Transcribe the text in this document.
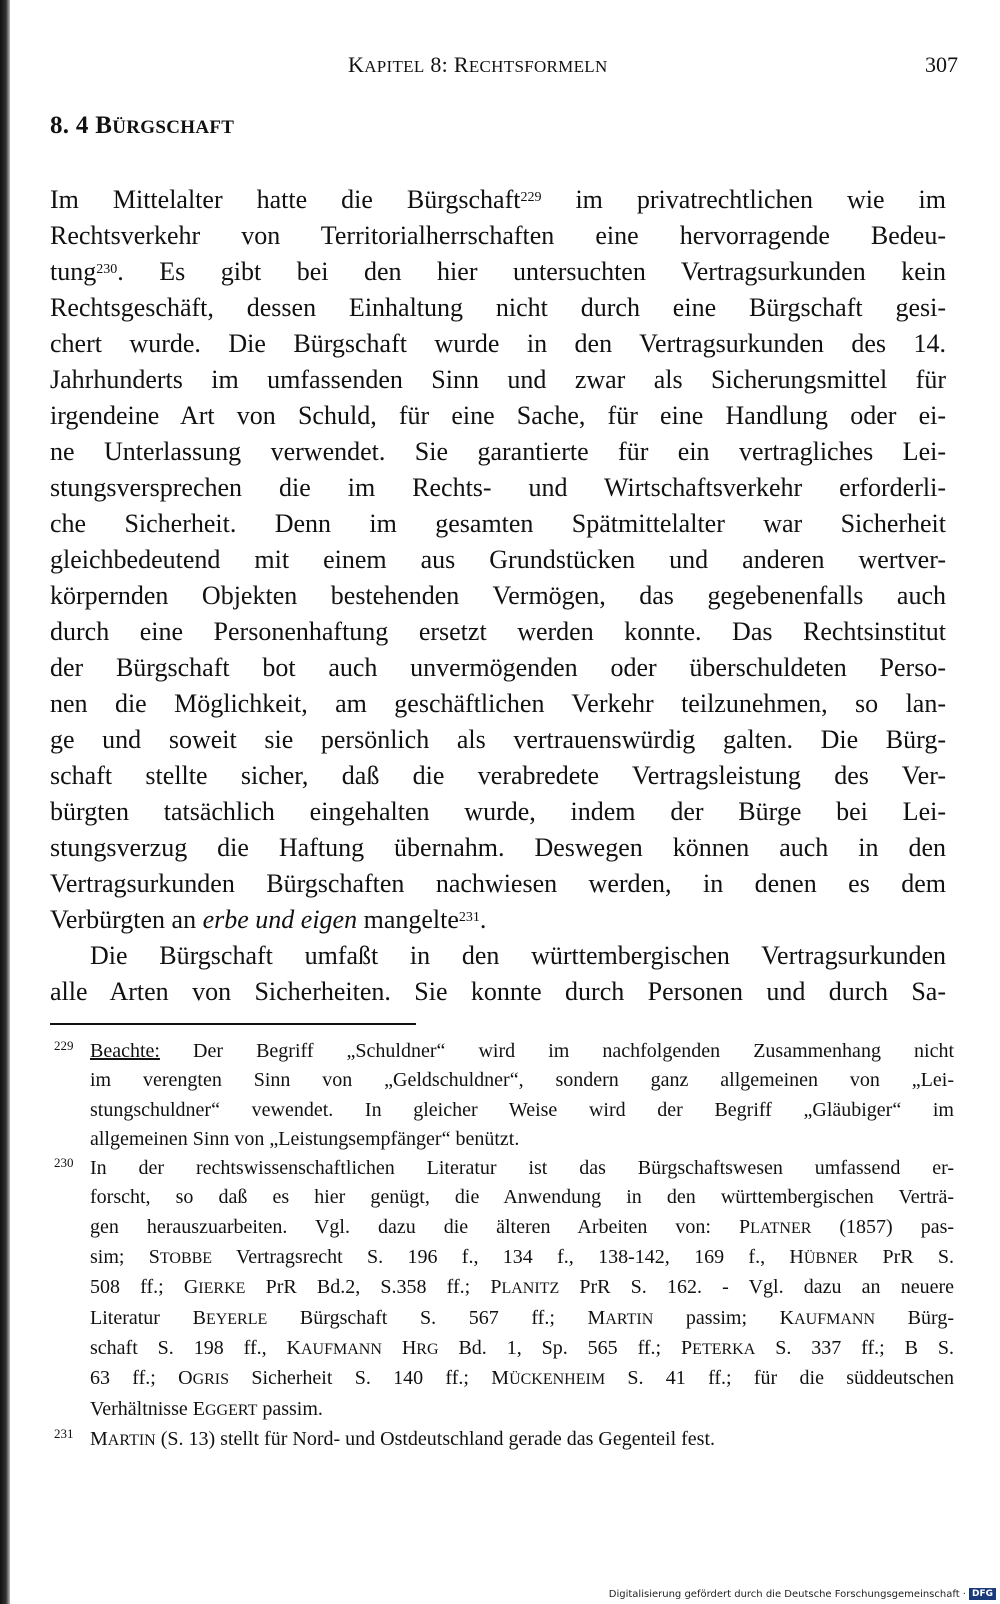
KAPITEL 8: RECHTSFORMELN	307
8. 4 BÜRGSCHAFT
Im Mittelalter hatte die Bürgschaft$^{229}$ im privatrechtlichen wie im
Rechtsverkehr von Territorialherrschaften eine hervorragende Bedeu-
tung$^{230}$. Es gibt bei den hier untersuchten Vertragsurkunden kein
Rechtsgeschäft, dessen Einhaltung nicht durch eine Bürgschaft gesi-
chert wurde. Die Bürgschaft wurde in den Vertragsurkunden des 14.
Jahrhunderts im umfassenden Sinn und zwar als Sicherungsmittel für
irgendeine Art von Schuld, für eine Sache, für eine Handlung oder ei-
ne Unterlassung verwendet. Sie garantierte für ein vertragliches Lei-
stungsversprechen die im Rechts- und Wirtschaftsverkehr erforderli-
che Sicherheit. Denn im gesamten Spätmittelalter war Sicherheit
gleichbedeutend mit einem aus Grundstücken und anderen wertver-
körpernden Objekten bestehenden Vermögen, das gegebenenfalls auch
durch eine Personenhaftung ersetzt werden konnte. Das Rechtsinstitut
der Bürgschaft bot auch unvermögenden oder überschuldeten Perso-
nen die Möglichkeit, am geschäftlichen Verkehr teilzunehmen, so lan-
ge und soweit sie persönlich als vertrauenswürdig galten. Die Bürg-
schaft stellte sicher, daß die verabredete Vertragsleistung des Ver-
bürgten tatsächlich eingehalten wurde, indem der Bürge bei Lei-
stungsverzug die Haftung übernahm. Deswegen können auch in den
Vertragsurkunden Bürgschaften nachwiesen werden, in denen es dem
Verbürgten an erbe und eigen mangelte$^{231}$.
Die Bürgschaft umfaßt in den württembergischen Vertragsurkunden
alle Arten von Sicherheiten. Sie konnte durch Personen und durch Sa-
229 Beachte: Der Begriff „Schuldner“ wird im nachfolgenden Zusammenhang nicht
im verengten Sinn von „Geldschuldner“, sondern ganz allgemeinen von „Lei-
stungschuldner“ vewendet. In gleicher Weise wird der Begriff „Gläubiger“ im
allgemeinen Sinn von „Leistungsempfänger“ benützt.
230 In der rechtswissenschaftlichen Literatur ist das Bürgschaftswesen umfassend er-
forscht, so daß es hier genügt, die Anwendung in den württembergischen Verträ-
gen herauszuarbeiten. Vgl. dazu die älteren Arbeiten von: PLATNER (1857) pas-
sim; STOBBE Vertragsrecht S. 196 f., 134 f., 138-142, 169 f., HÜBNER PrR S.
508 ff.; GIERKE PrR Bd.2, S.358 ff.; PLANITZ PrR S. 162. - Vgl. dazu an neuere
Literatur BEYERLE Bürgschaft S. 567 ff.; MARTIN passim; KAUFMANN Bürg-
schaft S. 198 ff., KAUFMANN HRG Bd. 1, Sp. 565 ff.; PETERKA S. 337 ff.; B S.
63 ff.; OGRIS Sicherheit S. 140 ff.; MÜCKENHEIM S. 41 ff.; für die süddeutschen
Verhältnisse EGGERT passim.
231 MARTIN (S. 13) stellt für Nord- und Ostdeutschland gerade das Gegenteil fest.
Digitalisierung gefördert durch die Deutsche Forschungsgemeinschaft · DFG
